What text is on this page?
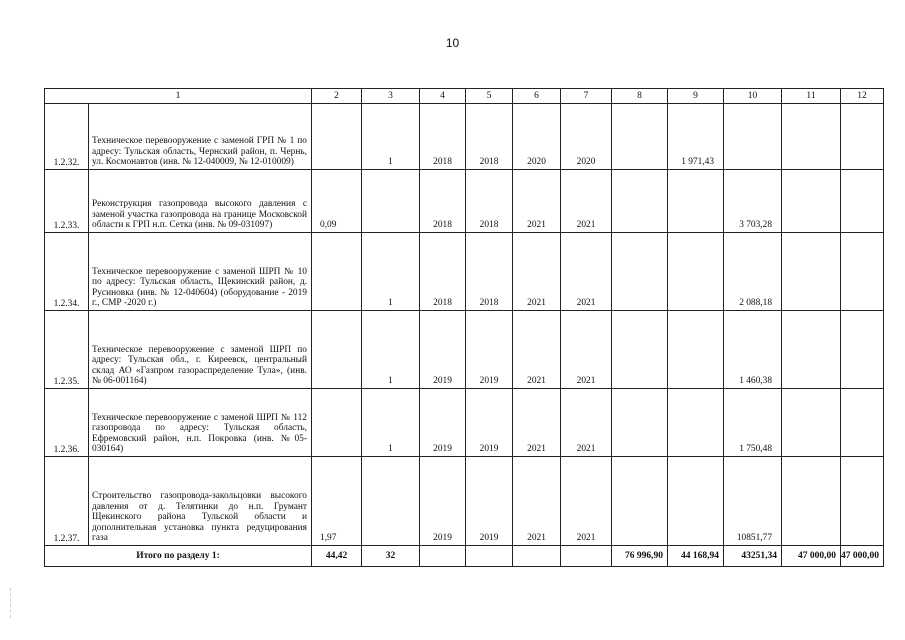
10
1		2	3	4	5	6	7	8	9	10	11	12
1.2.32.	Техническое перевооружение с заменой ГРП № 1 по адресу: Тульская область, Чернский район, п. Чернь, ул. Космонавтов (инв. № 12-040009, № 12-010009)		1	2018	2018	2020	2020		1 971,43			
1.2.33.	Реконструкция газопровода высокого давления с заменой участка газопровода на границе Московской области к ГРП н.п. Сетка (инв. № 09-031097)	0,09		2018	2018	2021	2021			3 703,28		
1.2.34.	Техническое перевооружение с заменой ШРП № 10 по адресу: Тульская область, Щекинский район, д. Русиновка (инв. № 12-040604) (оборудование - 2019 г., СМР -2020 г.)		1	2018	2018	2021	2021			2 088,18		
1.2.35.	Техническое перевооружение с заменой ШРП по адресу: Тульская обл., г. Киреевск, центральный склад АО «Газпром газораспределение Тула», (инв. № 06-001164)		1	2019	2019	2021	2021			1 460,38		
1.2.36.	Техническое перевооружение с заменой ШРП № 112 газопровода по адресу: Тульская область, Ефремовский район, н.п. Покровка (инв. №05-030164)		1	2019	2019	2021	2021			1 750,48		
1.2.37.	Строительство газопровода-закольцовки высокого давления от д. Телятинки до н.п. Грумант Щекинского района Тульской области и дополнительная установка пункта редуцирования газа	1,97		2019	2019	2021	2021			10851,77		
Итого по разделу 1:		44,42	32					76 996,90	44 168,94	43251,34	47 000,00	47 000,00
